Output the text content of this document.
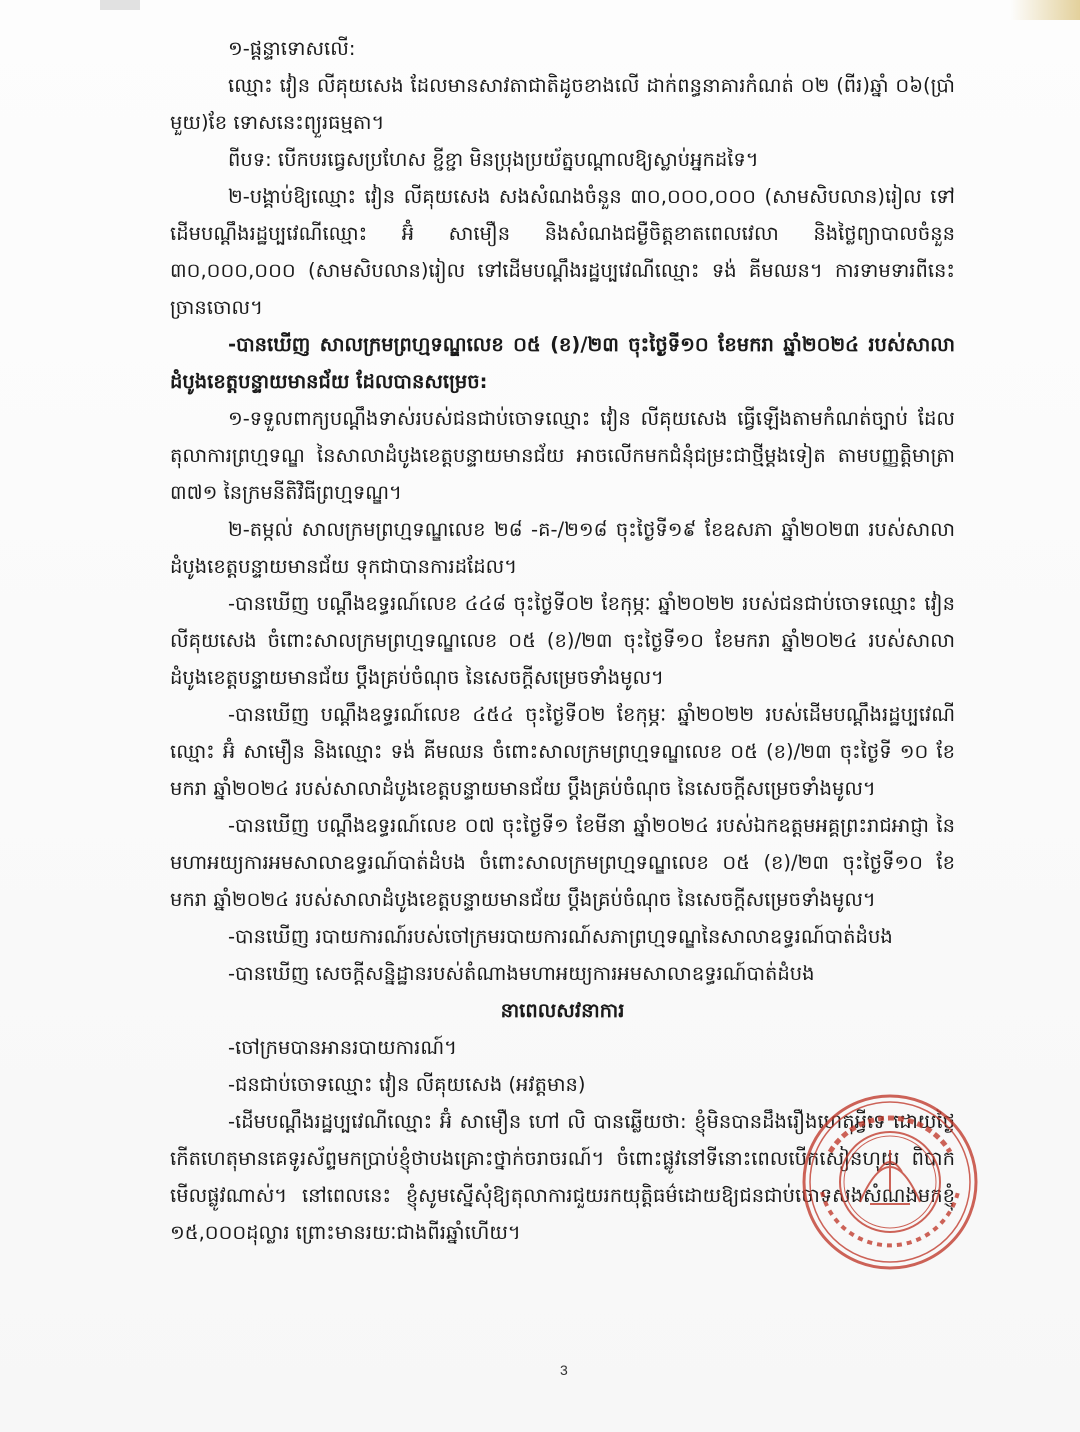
១-ផ្តន្ទាទោសលើ:

ឈ្មោះ វៀន លីគុយសេង ដែលមានសាវតាជាតិដូចខាងលើ ដាក់ពន្ធនាគារកំណត់ ០២ (ពីរ)ឆ្នាំ ០៦(ប្រាំមួយ)ខែ ទោសនេះព្យួរធម្មតា។

ពីបទ: បើកបរធ្វេសប្រហែស ខ្ជីខ្ជា មិនប្រុងប្រយ័ត្នបណ្តាលឱ្យស្លាប់អ្នកដទៃ។

២-បង្គាប់ឱ្យឈ្មោះ វៀន លីគុយសេង សងសំណងចំនួន ៣០,០០០,០០០ (សាមសិបលាន)រៀល ទៅដើមបណ្តឹងរដ្ឋប្បវេណីឈ្មោះ អ៊ំ សាមឿន និងសំណងជម្ងឺចិត្តខាតពេលវេលា និងថ្លៃព្យាបាលចំនួន ៣០,០០០,០០០ (សាមសិបលាន)រៀល ទៅដើមបណ្តឹងរដ្ឋប្បវេណីឈ្មោះ ទង់ គីមឈន។ ការទាមទារពីនេះច្រានចោល។

-បានឃើញ សាលក្រមព្រហ្មទណ្ឌលេខ ០៥ (ខ)/២៣ ចុះថ្ងៃទី១០ ខែមករា ឆ្នាំ២០២៤ របស់សាលាដំបូងខេត្តបន្ទាយមានជ័យ ដែលបានសម្រេច:

១-ទទួលពាក្យបណ្តឹងទាស់របស់ជនជាប់ចោទឈ្មោះ វៀន លីគុយសេង ធ្វើឡើងតាមកំណត់ច្បាប់ ដែលតុលាការព្រហ្មទណ្ឌ នៃសាលាដំបូងខេត្តបន្ទាយមានជ័យ អាចលើកមកជំនុំជម្រះជាថ្មីម្តងទៀត តាមបញ្ញត្តិមាត្រា ៣៧១ នៃក្រមនីតិវិធីព្រហ្មទណ្ឌ។

២-តម្កល់ សាលក្រមព្រហ្មទណ្ឌលេខ ២៨ -គ-/២១៨ ចុះថ្ងៃទី១៩ ខែឧសភា ឆ្នាំ២០២៣ របស់សាលាដំបូងខេត្តបន្ទាយមានជ័យ ទុកជាបានការដដែល។

-បានឃើញ បណ្តឹងឧទ្ធរណ៍លេខ ៤៤៨ ចុះថ្ងៃទី០២ ខែកុម្ភៈ ឆ្នាំ២០២២ របស់ជនជាប់ចោទឈ្មោះ វៀន លីគុយសេង ចំពោះសាលក្រមព្រហ្មទណ្ឌលេខ ០៥ (ខ)/២៣ ចុះថ្ងៃទី១០ ខែមករា ឆ្នាំ២០២៤ របស់សាលាដំបូងខេត្តបន្ទាយមានជ័យ ប្តឹងគ្រប់ចំណុច នៃសេចក្តីសម្រេចទាំងមូល។

-បានឃើញ បណ្តឹងឧទ្ធរណ៍លេខ ៤៥៤ ចុះថ្ងៃទី០២ ខែកុម្ភៈ ឆ្នាំ២០២២ របស់ដើមបណ្តឹងរដ្ឋប្បវេណីឈ្មោះ អ៊ំ សាមឿន និងឈ្មោះ ទង់ គីមឈន ចំពោះសាលក្រមព្រហ្មទណ្ឌលេខ ០៥ (ខ)/២៣ ចុះថ្ងៃទី ១០ ខែមករា ឆ្នាំ២០២៤ របស់សាលាដំបូងខេត្តបន្ទាយមានជ័យ ប្តឹងគ្រប់ចំណុច នៃសេចក្តីសម្រេចទាំងមូល។

-បានឃើញ បណ្តឹងឧទ្ធរណ៍លេខ ០៧ ចុះថ្ងៃទី១ ខែមីនា ឆ្នាំ២០២៤ របស់ឯកឧត្តមអគ្គព្រះរាជអាជ្ញា នៃមហាអយ្យការអមសាលាឧទ្ធរណ៍បាត់ដំបង ចំពោះសាលក្រមព្រហ្មទណ្ឌលេខ ០៥ (ខ)/២៣ ចុះថ្ងៃទី១០ ខែមករា ឆ្នាំ២០២៤ របស់សាលាដំបូងខេត្តបន្ទាយមានជ័យ ប្តឹងគ្រប់ចំណុច នៃសេចក្តីសម្រេចទាំងមូល។

-បានឃើញ របាយការណ៍របស់ចៅក្រមរបាយការណ៍សភាព្រហ្មទណ្ឌនៃសាលាឧទ្ធរណ៍បាត់ដំបង

-បានឃើញ សេចក្តីសន្និដ្ឋានរបស់តំណាងមហាអយ្យការអមសាលាឧទ្ធរណ៍បាត់ដំបង

នាពេលសវនាការ

-ចៅក្រមបានអានរបាយការណ៍។

-ជនជាប់ចោទឈ្មោះ វៀន លីគុយសេង (អវត្តមាន)

-ដើមបណ្តឹងរដ្ឋប្បវេណីឈ្មោះ អ៊ំ សាមឿន ហៅ លិ បានឆ្លើយថា: ខ្ញុំមិនបានដឹងរឿងហេតុអ្វីទេ ដោយថ្ងៃកើតហេតុមានគេទូរស័ព្ទមកប្រាប់ខ្ញុំថាបងគ្រោះថ្នាក់ចរាចរណ៍។ ចំពោះផ្លូវនៅទីនោះពេលបើកសៀនហុយ ពិបាកមើលផ្លូវណាស់។ នៅពេលនេះ ខ្ញុំសូមស្នើសុំឱ្យតុលាការជួយរកយុត្តិធម៌ដោយឱ្យជនជាប់ចោទសងសំណងមកខ្ញុំ ១៥,០០០ដុល្លារ ព្រោះមានរយៈជាងពីរឆ្នាំហើយ។

3
